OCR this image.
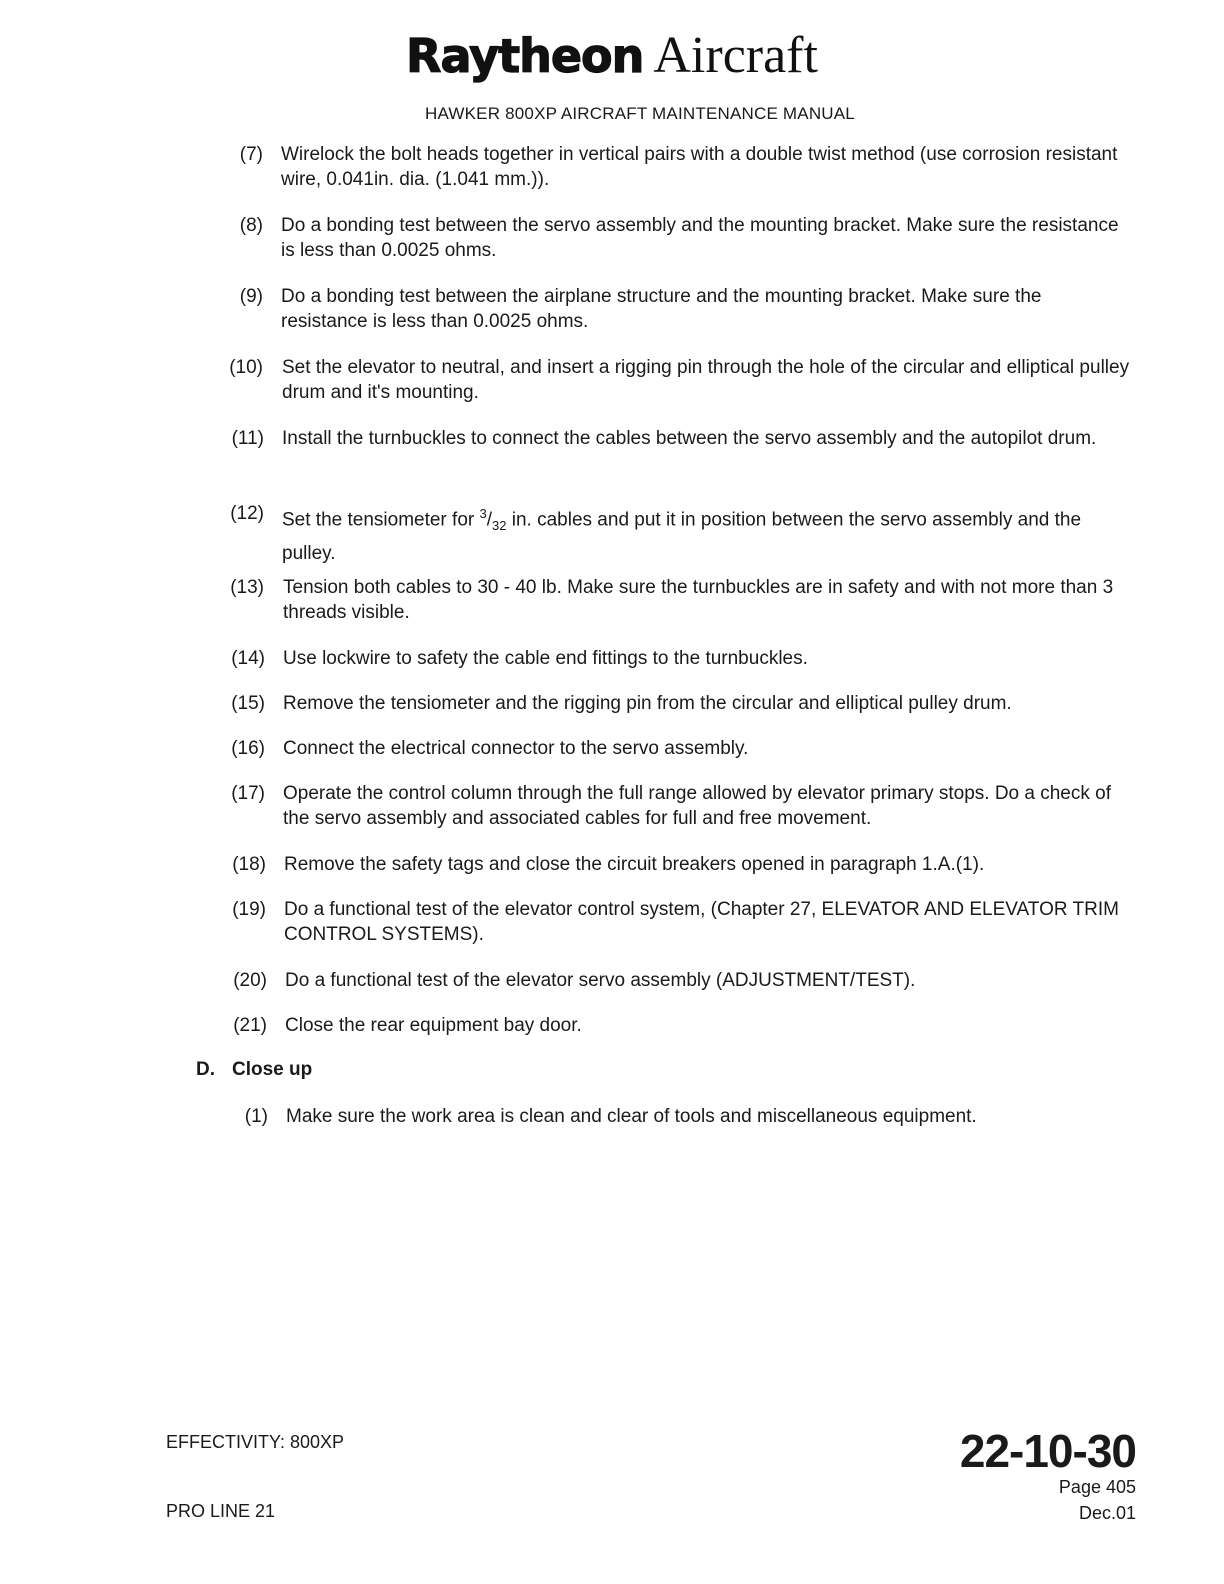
Raytheon Aircraft
HAWKER 800XP AIRCRAFT MAINTENANCE MANUAL
(7) Wirelock the bolt heads together in vertical pairs with a double twist method (use corrosion resistant wire, 0.041in. dia. (1.041 mm.)).
(8) Do a bonding test between the servo assembly and the mounting bracket. Make sure the resistance is less than 0.0025 ohms.
(9) Do a bonding test between the airplane structure and the mounting bracket. Make sure the resistance is less than 0.0025 ohms.
(10) Set the elevator to neutral, and insert a rigging pin through the hole of the circular and elliptical pulley drum and it's mounting.
(11) Install the turnbuckles to connect the cables between the servo assembly and the autopilot drum.
(12) Set the tensiometer for $^3/_{32}$ in. cables and put it in position between the servo assembly and the pulley.
(13) Tension both cables to 30 - 40 lb. Make sure the turnbuckles are in safety and with not more than 3 threads visible.
(14) Use lockwire to safety the cable end fittings to the turnbuckles.
(15) Remove the tensiometer and the rigging pin from the circular and elliptical pulley drum.
(16) Connect the electrical connector to the servo assembly.
(17) Operate the control column through the full range allowed by elevator primary stops. Do a check of the servo assembly and associated cables for full and free movement.
(18) Remove the safety tags and close the circuit breakers opened in paragraph 1.A.(1).
(19) Do a functional test of the elevator control system, (Chapter 27, ELEVATOR AND ELEVATOR TRIM CONTROL SYSTEMS).
(20) Do a functional test of the elevator servo assembly (ADJUSTMENT/TEST).
(21) Close the rear equipment bay door.
D. Close up
(1) Make sure the work area is clean and clear of tools and miscellaneous equipment.
EFFECTIVITY: 800XP
PRO LINE 21
22-10-30
Page 405
Dec.01
